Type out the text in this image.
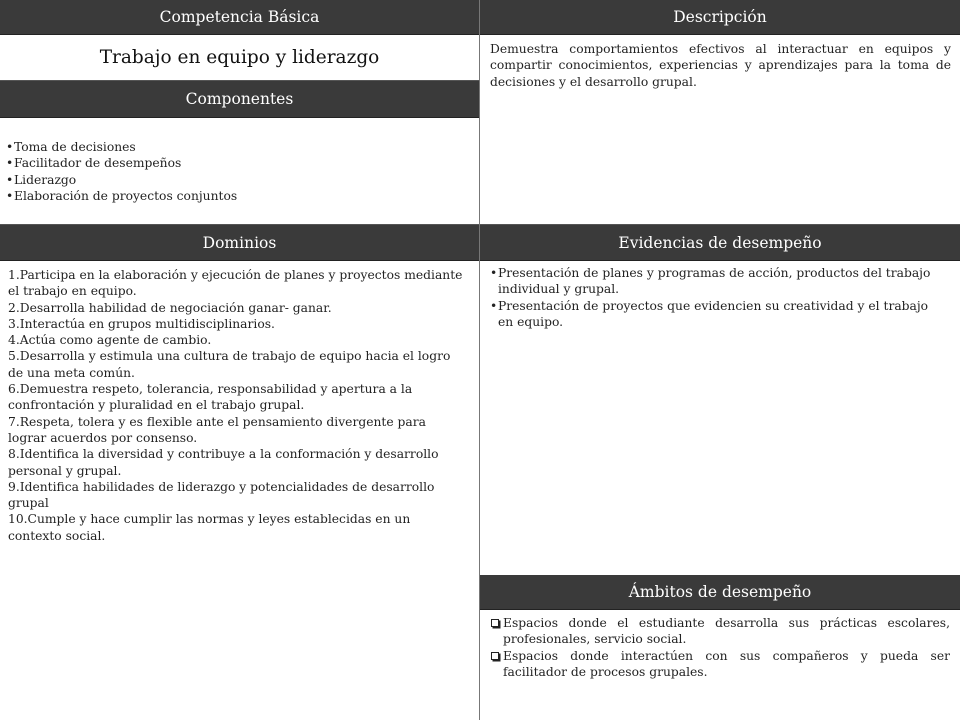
Competencia Básica
Trabajo en equipo y liderazgo
Componentes
• Toma de decisiones
• Facilitador de desempeños
• Liderazgo
• Elaboración de proyectos conjuntos
Dominios
1.Participa en la elaboración y ejecución de planes y proyectos mediante el trabajo en equipo.
2.Desarrolla habilidad de negociación ganar- ganar.
3.Interactúa en grupos multidisciplinarios.
4.Actúa como agente de cambio.
5.Desarrolla y estimula una cultura de trabajo de equipo hacia el logro de una meta común.
6.Demuestra respeto, tolerancia, responsabilidad y apertura a la confrontación y pluralidad en el trabajo grupal.
7.Respeta, tolera y es flexible ante el pensamiento divergente para lograr acuerdos por consenso.
8.Identifica la diversidad y contribuye a la conformación y desarrollo personal y grupal.
9.Identifica habilidades de liderazgo y potencialidades de desarrollo grupal
10.Cumple y hace cumplir las normas y leyes establecidas en un contexto social.
Descripción
Demuestra comportamientos efectivos al interactuar en equipos y compartir conocimientos, experiencias y aprendizajes para la toma de decisiones y el desarrollo grupal.
Evidencias de desempeño
• Presentación de planes y programas de acción, productos del trabajo individual y grupal.
• Presentación de proyectos que evidencien su creatividad y el trabajo en equipo.
Ámbitos de desempeño
Espacios donde el estudiante desarrolla sus prácticas escolares, profesionales, servicio social.
Espacios donde interactúen con sus compañeros y pueda ser facilitador de procesos grupales.
